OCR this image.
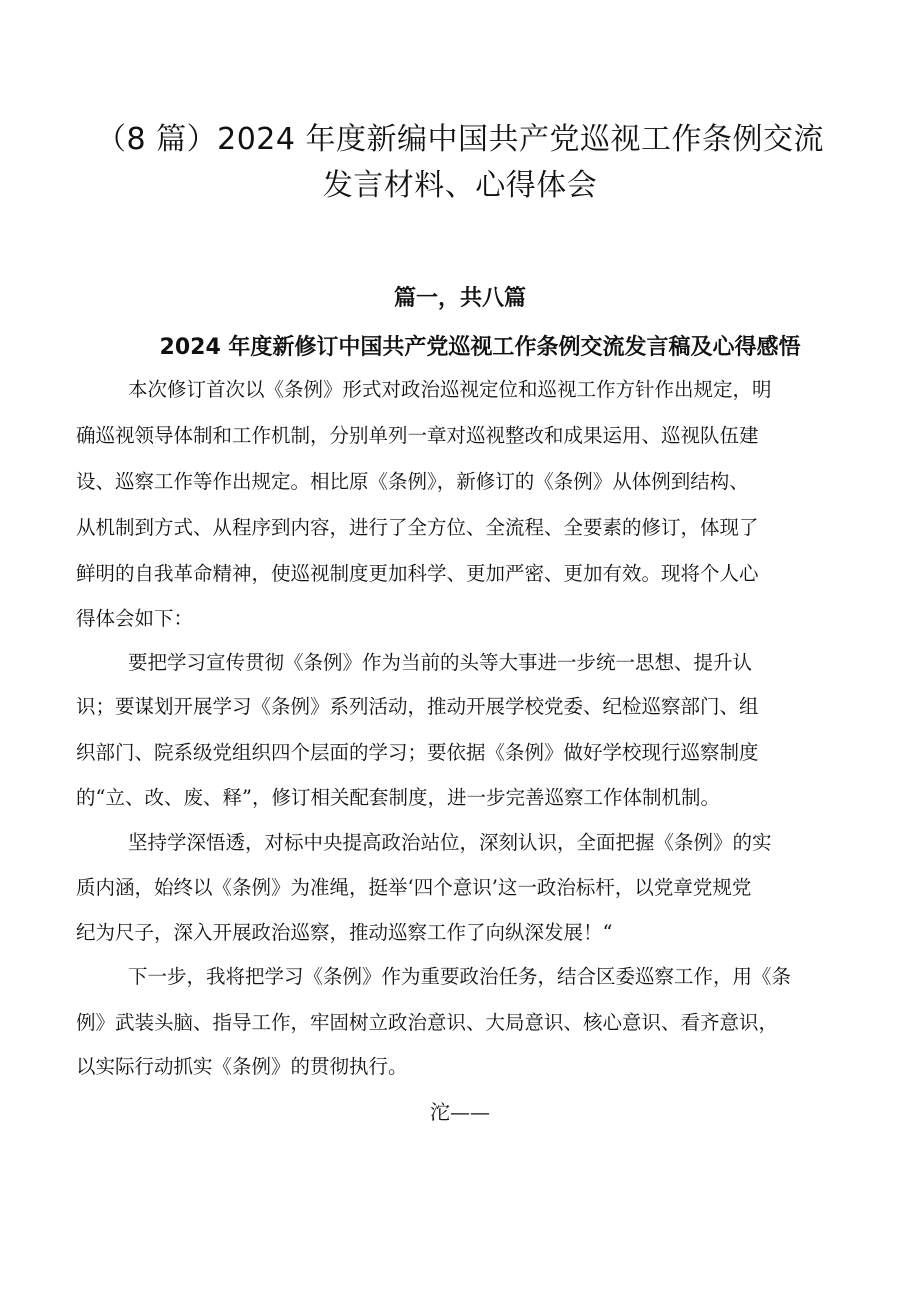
（8 篇）2024 年度新编中国共产党巡视工作条例交流
发言材料、心得体会
篇一，共八篇
2024 年度新修订中国共产党巡视工作条例交流发言稿及心得感悟

本次修订首次以《条例》形式对政治巡视定位和巡视工作方针作出规定，明

确巡视领导体制和工作机制，分别单列一章对巡视整改和成果运用、巡视队伍建

设、巡察工作等作出规定。相比原《条例》，新修订的《条例》从体例到结构、

从机制到方式、从程序到内容，进行了全方位、全流程、全要素的修订，体现了

鲜明的自我革命精神，使巡视制度更加科学、更加严密、更加有效。现将个人心

得体会如下：

要把学习宣传贯彻《条例》作为当前的头等大事进一步统一思想、提升认

识；要谋划开展学习《条例》系列活动，推动开展学校党委、纪检巡察部门、组

织部门、院系级党组织四个层面的学习；要依据《条例》做好学校现行巡察制度

的“立、改、废、释”，修订相关配套制度，进一步完善巡察工作体制机制。

坚持学深悟透，对标中央提高政治站位，深刻认识，全面把握《条例》的实

质内涵，始终以《条例》为准绳，挺举‘四个意识’这一政治标杆，以党章党规党

纪为尺子，深入开展政治巡察，推动巡察工作了向纵深发展！“

下一步，我将把学习《条例》作为重要政治任务，结合区委巡察工作，用《条

例》武装头脑、指导工作，牢固树立政治意识、大局意识、核心意识、看齐意识，

以实际行动抓实《条例》的贯彻执行。

沱——
